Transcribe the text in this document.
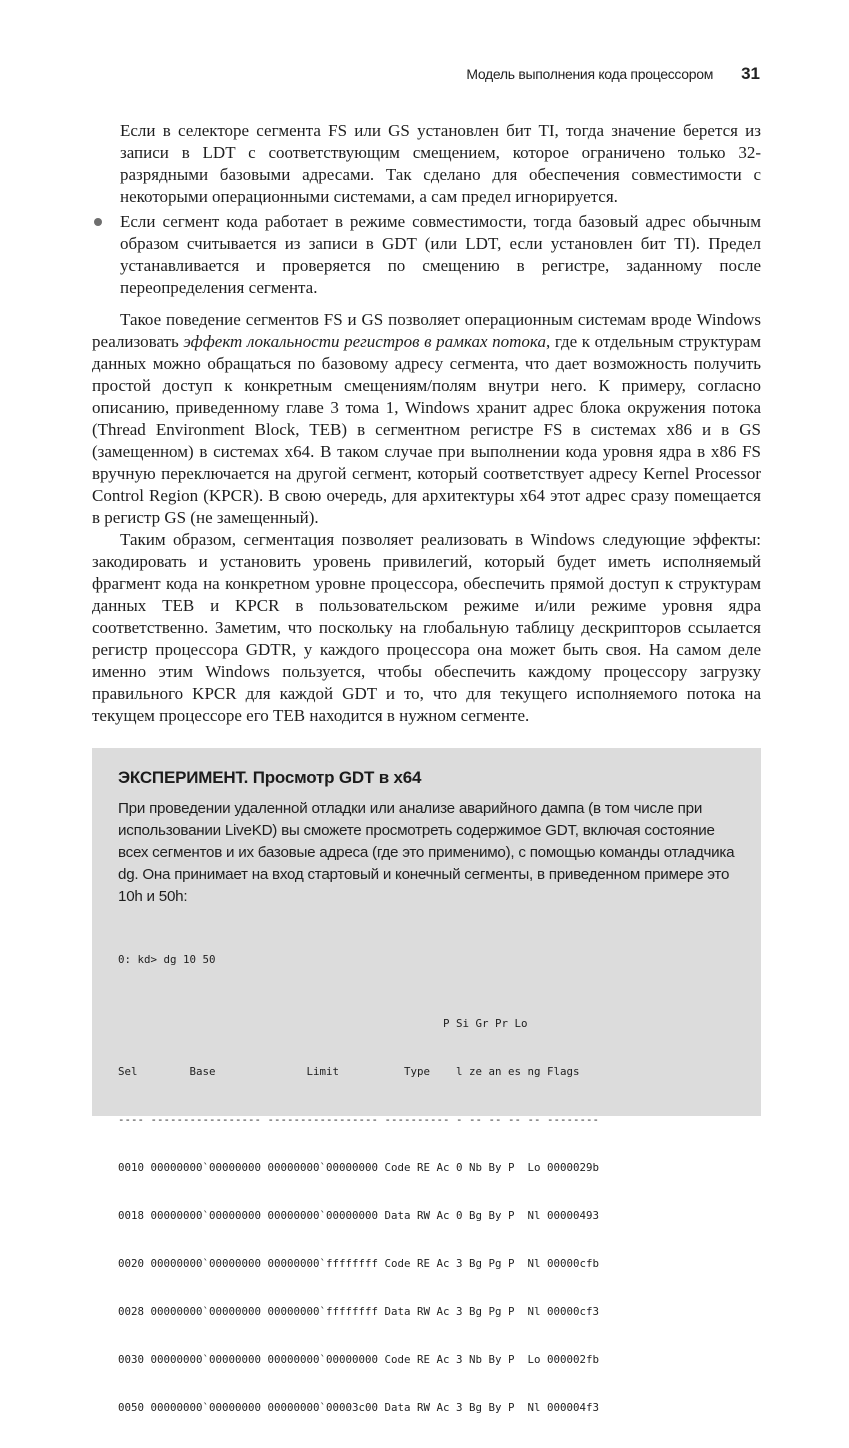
Модель выполнения кода процессором 31

Если в селекторе сегмента FS или GS установлен бит TI, тогда значение берется из записи в LDT с соответствующим смещением, которое ограничено только 32-разрядными базовыми адресами. Так сделано для обеспечения совместимости с некоторыми операционными системами, а сам предел игнорируется.

Если сегмент кода работает в режиме совместимости, тогда базовый адрес обычным образом считывается из записи в GDT (или LDT, если установлен бит TI). Предел устанавливается и проверяется по смещению в регистре, заданному после переопределения сегмента.

Такое поведение сегментов FS и GS позволяет операционным системам вроде Windows реализовать эффект локальности регистров в рамках потока, где к отдельным структурам данных можно обращаться по базовому адресу сегмента, что дает возможность получить простой доступ к конкретным смещениям/полям внутри него. К примеру, согласно описанию, приведенному главе 3 тома 1, Windows хранит адрес блока окружения потока (Thread Environment Block, TEB) в сегментном регистре FS в системах x86 и в GS (замещенном) в системах x64. В таком случае при выполнении кода уровня ядра в x86 FS вручную переключается на другой сегмент, который соответствует адресу Kernel Processor Control Region (KPCR). В свою очередь, для архитектуры x64 этот адрес сразу помещается в регистр GS (не замещенный).

Таким образом, сегментация позволяет реализовать в Windows следующие эффекты: закодировать и установить уровень привилегий, который будет иметь исполняемый фрагмент кода на конкретном уровне процессора, обеспечить прямой доступ к структурам данных TEB и KPCR в пользовательском режиме и/или режиме уровня ядра соответственно. Заметим, что поскольку на глобальную таблицу дескрипторов ссылается регистр процессора GDTR, у каждого процессора она может быть своя. На самом деле именно этим Windows пользуется, чтобы обеспечить каждому процессору загрузку правильного KPCR для каждой GDT и то, что для текущего исполняемого потока на текущем процессоре его TEB находится в нужном сегменте.

ЭКСПЕРИМЕНТ. Просмотр GDT в x64

При проведении удаленной отладки или анализе аварийного дампа (в том числе при использовании LiveKD) вы сможете просмотреть содержимое GDT, включая состояние всех сегментов и их базовые адреса (где это применимо), с помощью команды отладчика dg. Она принимает на вход стартовый и конечный сегменты, в приведенном примере это 10h и 50h:

0: kd> dg 10 50

P Si Gr Pr Lo

Sel        Base              Limit          Type    l ze an es ng Flags

---- ----------------- ----------------- ---------- - -- -- -- -- --------

0010 00000000`00000000 00000000`00000000 Code RE Ac 0 Nb By P  Lo 0000029b

0018 00000000`00000000 00000000`00000000 Data RW Ac 0 Bg By P  Nl 00000493

0020 00000000`00000000 00000000`ffffffff Code RE Ac 3 Bg Pg P  Nl 00000cfb

0028 00000000`00000000 00000000`ffffffff Data RW Ac 3 Bg Pg P  Nl 00000cf3

0030 00000000`00000000 00000000`00000000 Code RE Ac 3 Nb By P  Lo 000002fb

0050 00000000`00000000 00000000`00003c00 Data RW Ac 3 Bg By P  Nl 000004f3
